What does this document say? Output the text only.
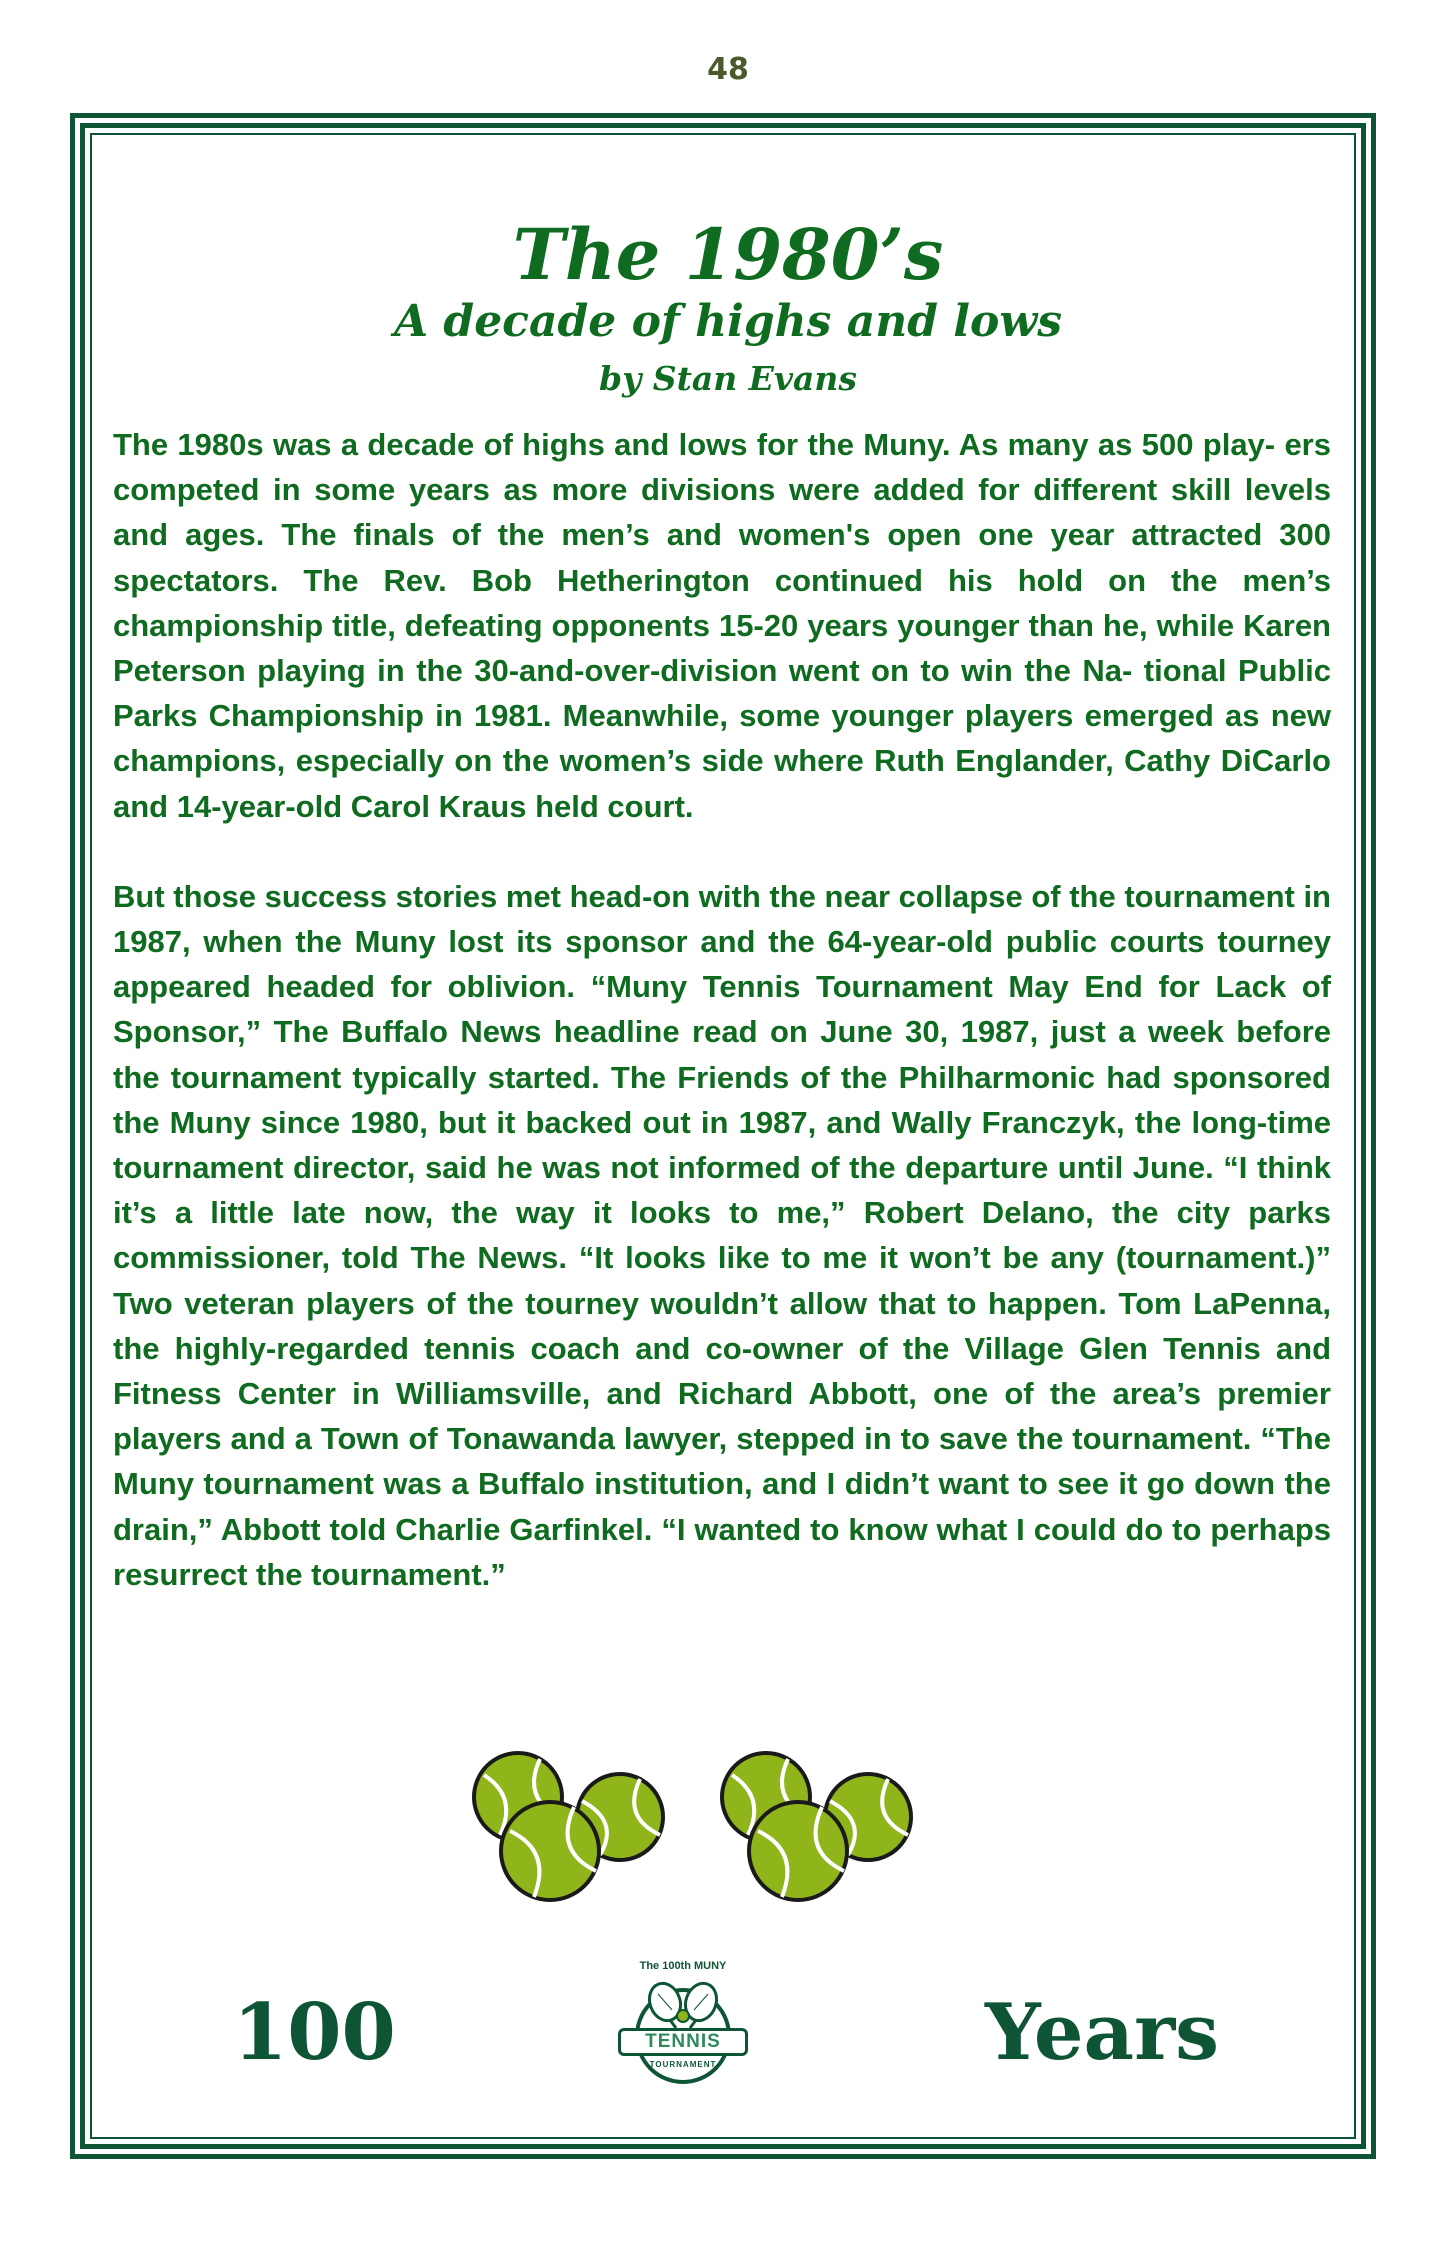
48
The 1980’s
A decade of highs and lows
by Stan Evans

The 1980s was a decade of highs and lows for the Muny. As many as 500 play- ers competed in some years as more divisions were added for different skill levels and ages. The finals of the men’s and women's open one year attracted 300 spectators. The Rev. Bob Hetherington continued his hold on the men’s championship title, defeating opponents 15-20 years younger than he, while Karen Peterson playing in the 30-and-over-division went on to win the Na- tional Public Parks Championship in 1981. Meanwhile, some younger players emerged as new champions, especially on the women’s side where Ruth Englander, Cathy DiCarlo and 14-year-old Carol Kraus held court.

But those success stories met head-on with the near collapse of the tournament in 1987, when the Muny lost its sponsor and the 64-year-old public courts tourney appeared headed for oblivion. “Muny Tennis Tournament May End for Lack of Sponsor,” The Buffalo News headline read on June 30, 1987, just a week before the tournament typically started. The Friends of the Philharmonic had sponsored the Muny since 1980, but it backed out in 1987, and Wally Franczyk, the long-time tournament director, said he was not informed of the departure until June. “I think it’s a little late now, the way it looks to me,” Robert Delano, the city parks commissioner, told The News. “It looks like to me it won’t be any (tournament.)” Two veteran players of the tourney wouldn’t allow that to happen. Tom LaPenna, the highly-regarded tennis coach and co-owner of the Village Glen Tennis and Fitness Center in Williamsville, and Richard Abbott, one of the area’s premier players and a Town of Tonawanda lawyer, stepped in to save the tournament. “The Muny tournament was a Buffalo institution, and I didn’t want to see it go down the drain,” Abbott told Charlie Garfinkel. “I wanted to know what I could do to perhaps resurrect the tournament.”

100
The 100th MUNY
TENNIS
TOURNAMENT	Years
